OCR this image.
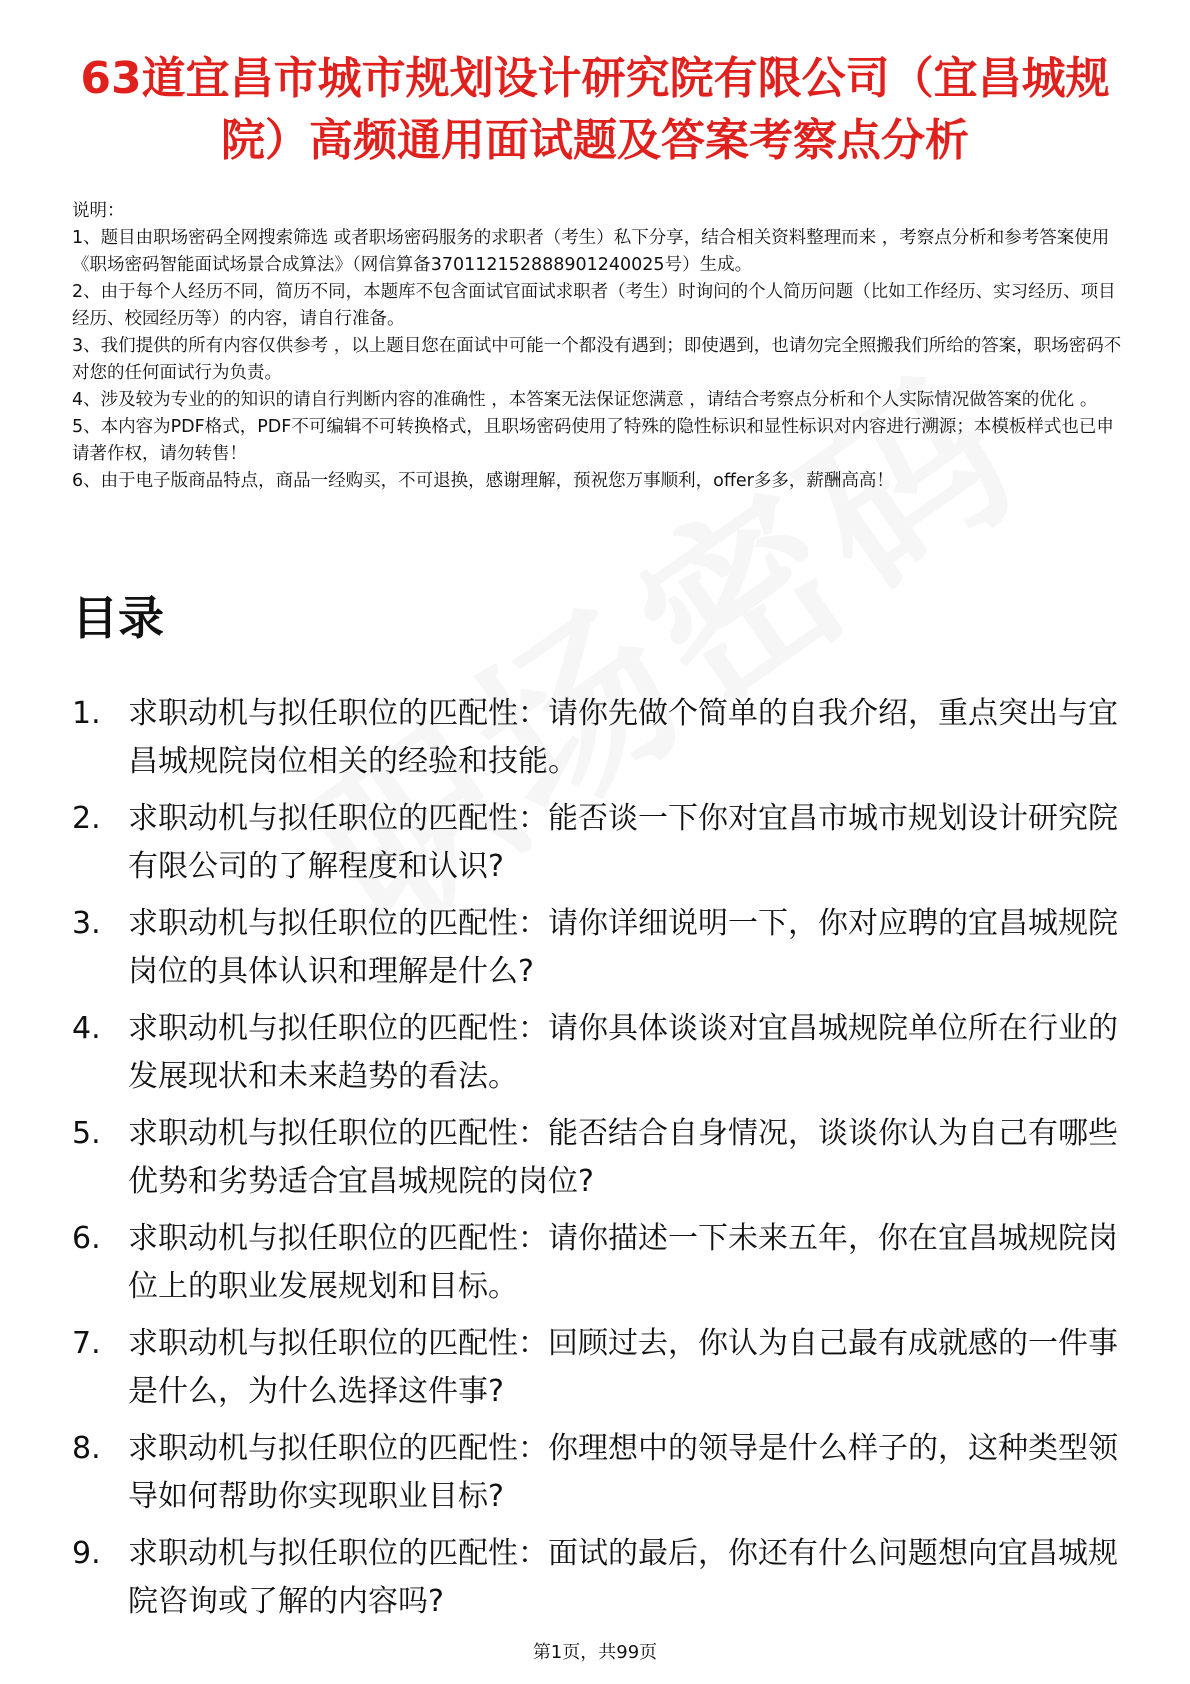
63道宜昌市城市规划设计研究院有限公司（宜昌城规院）高频通用面试题及答案考察点分析

说明：

1、题目由职场密码全网搜索筛选 或者职场密码服务的求职者（考生）私下分享，结合相关资料整理而来 ，考察点分析和参考答案使用《职场密码智能面试场景合成算法》（网信算备370112152888901240025号）生成。

2、由于每个人经历不同，简历不同，本题库不包含面试官面试求职者（考生）时询问的个人简历问题（比如工作经历、实习经历、项目经历、校园经历等）的内容，请自行准备。

3、我们提供的所有内容仅供参考 ，以上题目您在面试中可能一个都没有遇到；即使遇到，也请勿完全照搬我们所给的答案，职场密码不对您的任何面试行为负责。

4、涉及较为专业的的知识的请自行判断内容的准确性 ，本答案无法保证您满意 ，请结合考察点分析和个人实际情况做答案的优化 。

5、本内容为PDF格式，PDF不可编辑不可转换格式，且职场密码使用了特殊的隐性标识和显性标识对内容进行溯源；本模板样式也已申请著作权，请勿转售！

6、由于电子版商品特点，商品一经购买，不可退换，感谢理解，预祝您万事顺利，offer多多，薪酬高高！

目录
1. 求职动机与拟任职位的匹配性：请你先做个简单的自我介绍，重点突出与宜昌城规院岗位相关的经验和技能。
2. 求职动机与拟任职位的匹配性：能否谈一下你对宜昌市城市规划设计研究院有限公司的了解程度和认识?
3. 求职动机与拟任职位的匹配性：请你详细说明一下，你对应聘的宜昌城规院岗位的具体认识和理解是什么?
4. 求职动机与拟任职位的匹配性：请你具体谈谈对宜昌城规院单位所在行业的发展现状和未来趋势的看法。
5. 求职动机与拟任职位的匹配性：能否结合自身情况，谈谈你认为自己有哪些优势和劣势适合宜昌城规院的岗位?
6. 求职动机与拟任职位的匹配性：请你描述一下未来五年，你在宜昌城规院岗位上的职业发展规划和目标。
7. 求职动机与拟任职位的匹配性：回顾过去，你认为自己最有成就感的一件事是什么，为什么选择这件事?
8. 求职动机与拟任职位的匹配性：你理想中的领导是什么样子的，这种类型领导如何帮助你实现职业目标?
9. 求职动机与拟任职位的匹配性：面试的最后，你还有什么问题想向宜昌城规院咨询或了解的内容吗?
第1页，共99页
